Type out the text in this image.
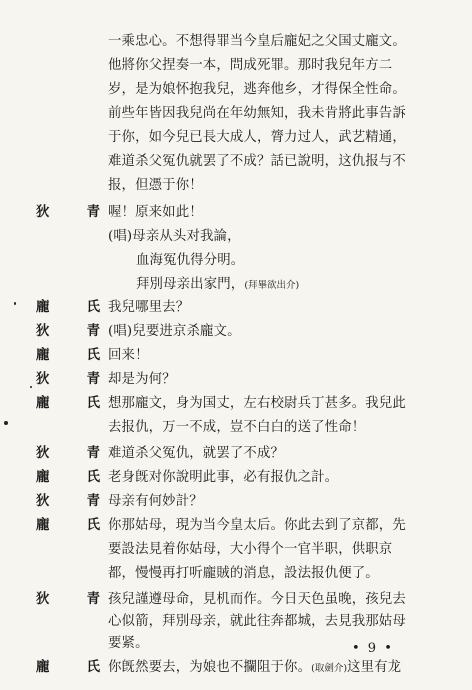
一乘忠心。不想得罪当今皇后龐妃之父国丈龐文。
他將你父捏奏一本，問成死罪。那时我兒年方二
岁，是为娘怀抱我兒，逃奔他乡，才得保全性命。
前些年皆因我兒尚在年幼無知，我未肯將此事告訴
于你，如今兒已長大成人，膂力过人，武艺精通，
难道杀父冤仇就罢了不成？話已說明，这仇报与不
报，但憑于你！
狄	青 喔！原来如此！
(唱)母亲从头对我論，
血海冤仇得分明。
拜別母亲出家門，(拜畢欲出介)
龐	氏 我兒哪里去？
狄	青 (唱)兒要进京杀龐文。
龐	氏 回来！
狄	青 却是为何？
龐	氏 想那龐文，身为国丈，左右校尉兵丁甚多。我兒此
去报仇，万一不成，豈不白白的送了性命！
狄	青 难道杀父冤仇，就罢了不成？
龐	氏 老身旣对你說明此事，必有报仇之計。
狄	青 母亲有何妙計？
龐	氏 你那姑母，現为当今皇太后。你此去到了京都，先
要設法見着你姑母，大小得个一官半职，供职京
都，慢慢再打听龐賊的消息，設法报仇便了。
狄	青 孩兒謹遵母命，見机而作。今日天色虽晚，孩兒去
心似箭，拜別母亲，就此往奔都城，去見我那姑母
要紧。
龐	氏 你旣然要去，为娘也不攔阻于你。(取劍介)这里有龙
• 9 •
